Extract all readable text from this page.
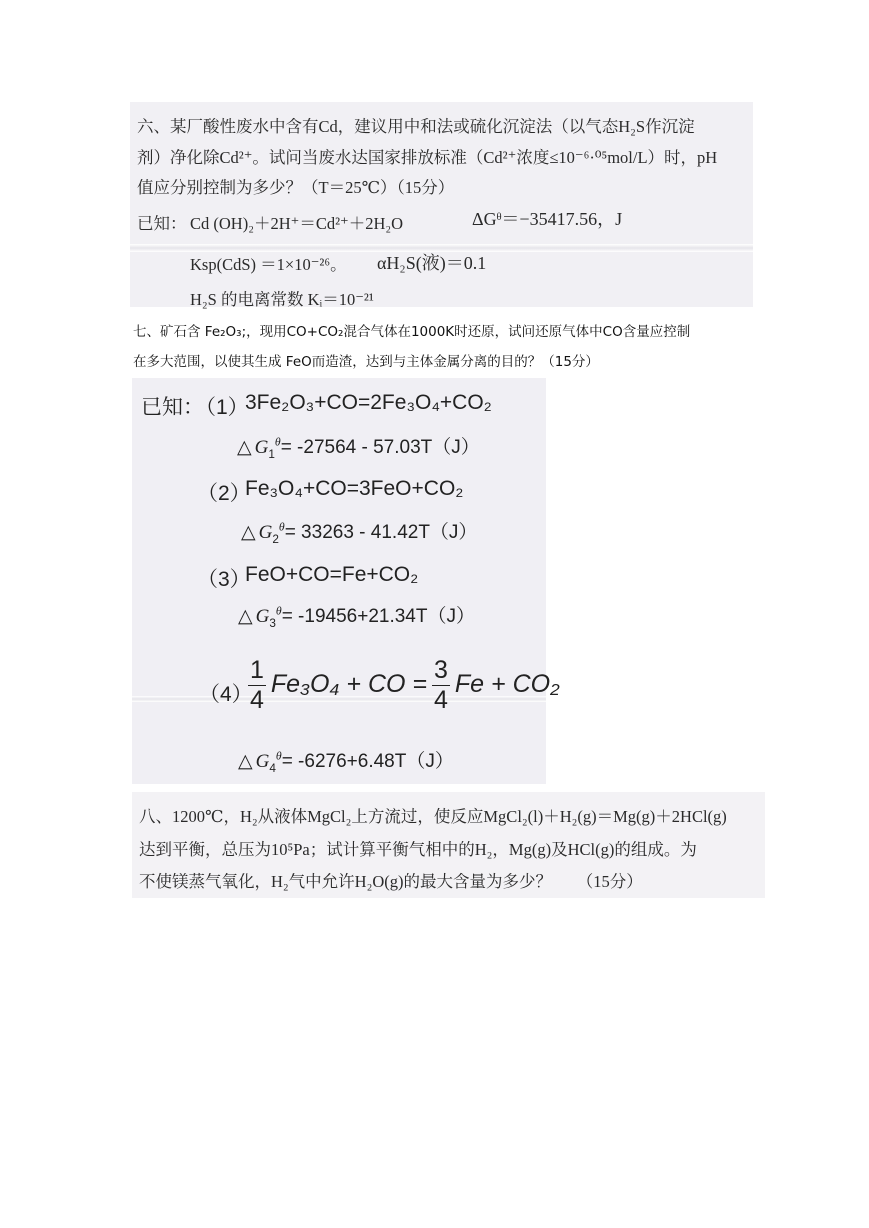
六、某厂酸性废水中含有Cd，建议用中和法或硫化沉淀法（以气态H₂S作沉淀
剂）净化除Cd²⁺。试问当废水达国家排放标准（Cd²⁺浓度≤10⁻⁶·⁰⁵mol/L）时，pH
值应分别控制为多少？（T＝25℃）（15分）
已知： Cd (OH)₂＋2H⁺＝Cd²⁺＋2H₂O	ΔGᶿ＝−35417.56，J
Ksp(CdS) ＝1×10⁻²⁶。 αH₂S(液)＝0.1
H₂S 的电离常数 Kᵢ＝10⁻²¹
七、矿石含 Fe₂O₃;，现用CO+CO₂混合气体在1000K时还原，试问还原气体中CO含量应控制
在多大范围，以使其生成 FeO而造渣，达到与主体金属分离的目的？（15分）
已知：
（1）
3Fe₂O₃+CO=2Fe₃O₄+CO₂
△ $G_1^\theta= -27564 - 57.03T(J)$
（2）
Fe₃O₄+CO=3FeO+CO₂
△ $G_2^\theta= 33263 - 41.42T(J)$
（3）
FeO+CO=Fe+CO₂
△ $G_3^\theta= -19456+21.34T(J)$
（4）
$\frac{1}{4} Fe_3O_4$ + CO = $\frac{3}{4}$ Fe + CO₂
△ $G_4^\theta= -6276+6.48T(J)$
八、1200℃，H₂从液体MgCl₂上方流过，使反应MgCl₂(l)＋H₂(g)＝Mg(g)＋2HCl(g)
达到平衡，总压为10⁵Pa；试计算平衡气相中的H₂，Mg(g)及HCl(g)的组成。为
不使镁蒸气氧化，H₂气中允许H₂O(g)的最大含量为多少？　　（15分）
